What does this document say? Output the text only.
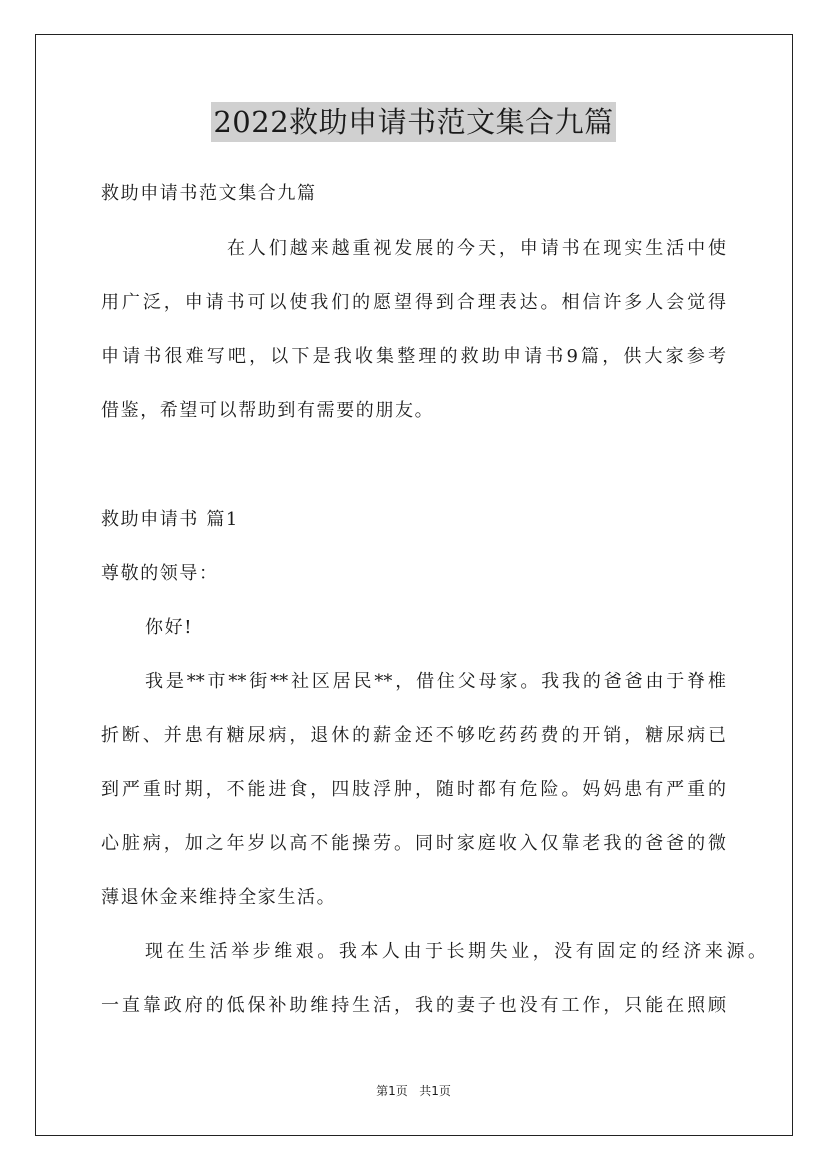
2022救助申请书范文集合九篇
救助申请书范文集合九篇
在人们越来越重视发展的今天，申请书在现实生活中使
用广泛，申请书可以使我们的愿望得到合理表达。相信许多人会觉得
申请书很难写吧，以下是我收集整理的救助申请书9篇，供大家参考
借鉴，希望可以帮助到有需要的朋友。
救助申请书 篇1
尊敬的领导：
你好!
我是**市**街**社区居民**，借住父母家。我我的爸爸由于脊椎
折断、并患有糖尿病，退休的薪金还不够吃药药费的开销，糖尿病已
到严重时期，不能进食，四肢浮肿，随时都有危险。妈妈患有严重的
心脏病，加之年岁以高不能操劳。同时家庭收入仅靠老我的爸爸的微
薄退休金来维持全家生活。
现在生活举步维艰。我本人由于长期失业，没有固定的经济来源。
一直靠政府的低保补助维持生活，我的妻子也没有工作，只能在照顾
第1页 共1页
